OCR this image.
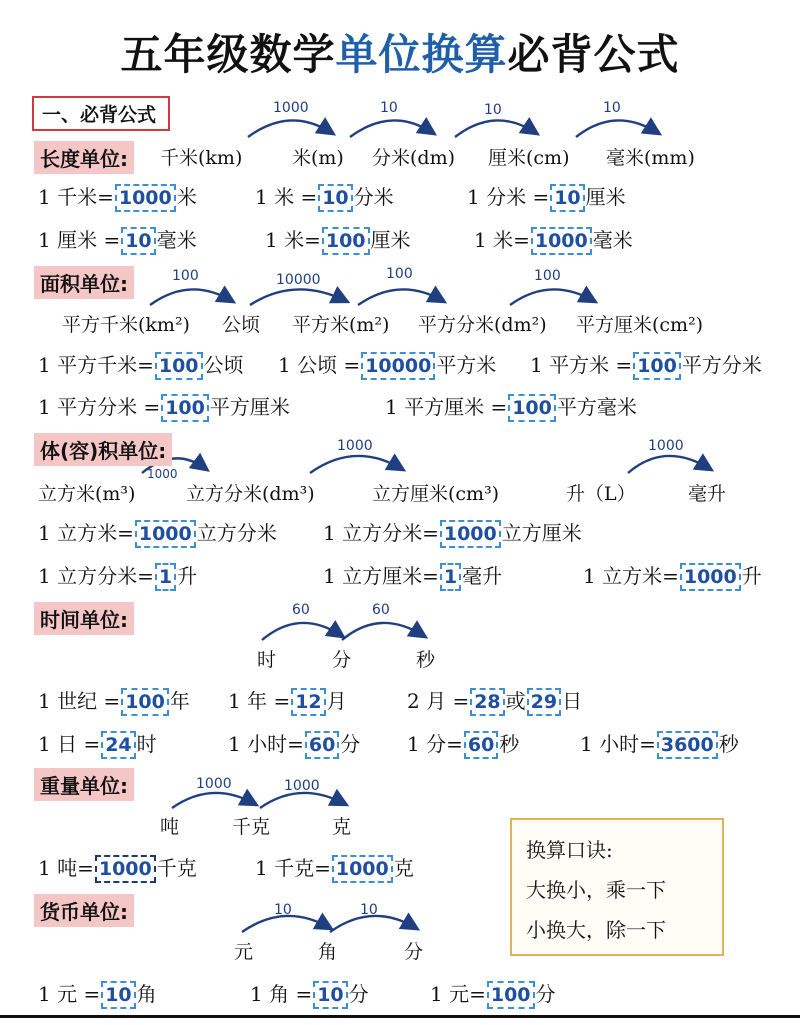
五年级数学单位换算必背公式
一、必背公式	1000	10	10	10
100	10000	100	100
1000
1000	1000
60	60
1000	1000
10	10
长度单位:	千米(km)	米(m) 分米(dm) 厘米(cm) 毫米(mm)
1 千米= 1000 米	1 米 = 10 分米	1 分米 = 10 厘米
1 厘米 = 10 毫米	1 米= 100 厘米	1 米= 1000 毫米
面积单位:
平方千米(km²) 公顷 平方米(m²) 平方分米(dm²) 平方厘米(cm²)
1 平方千米= 100 公顷 1 公顷 = 10000 平方米 1 平方米 = 100 平方分米
1 平方分米 = 100 平方厘米	1 平方厘米 = 100 平方毫米
体(容)积单位:
立方米(m³)	立方分米(dm³)	立方厘米(cm³)	升（L）	毫升
1 立方米= 1000 立方分米 1 立方分米= 1000 立方厘米
1 立方分米= 1 升	1 立方厘米= 1 毫升	1 立方米= 1000 升
时间单位:
时	分	秒
1 世纪 = 100 年 1 年 = 12 月	2 月 = 28 或 29 日
1 日 = 24 时	1 小时= 60 分 1 分= 60 秒	1 小时= 3600 秒
重量单位:
吨	千克	克
1 吨= 1000 千克	1 千克= 1000 克
货币单位:
元	角	分
1 元 = 10 角	1 角 = 10 分	1 元= 100 分
换算口诀:
大换小，乘一下
小换大，除一下
